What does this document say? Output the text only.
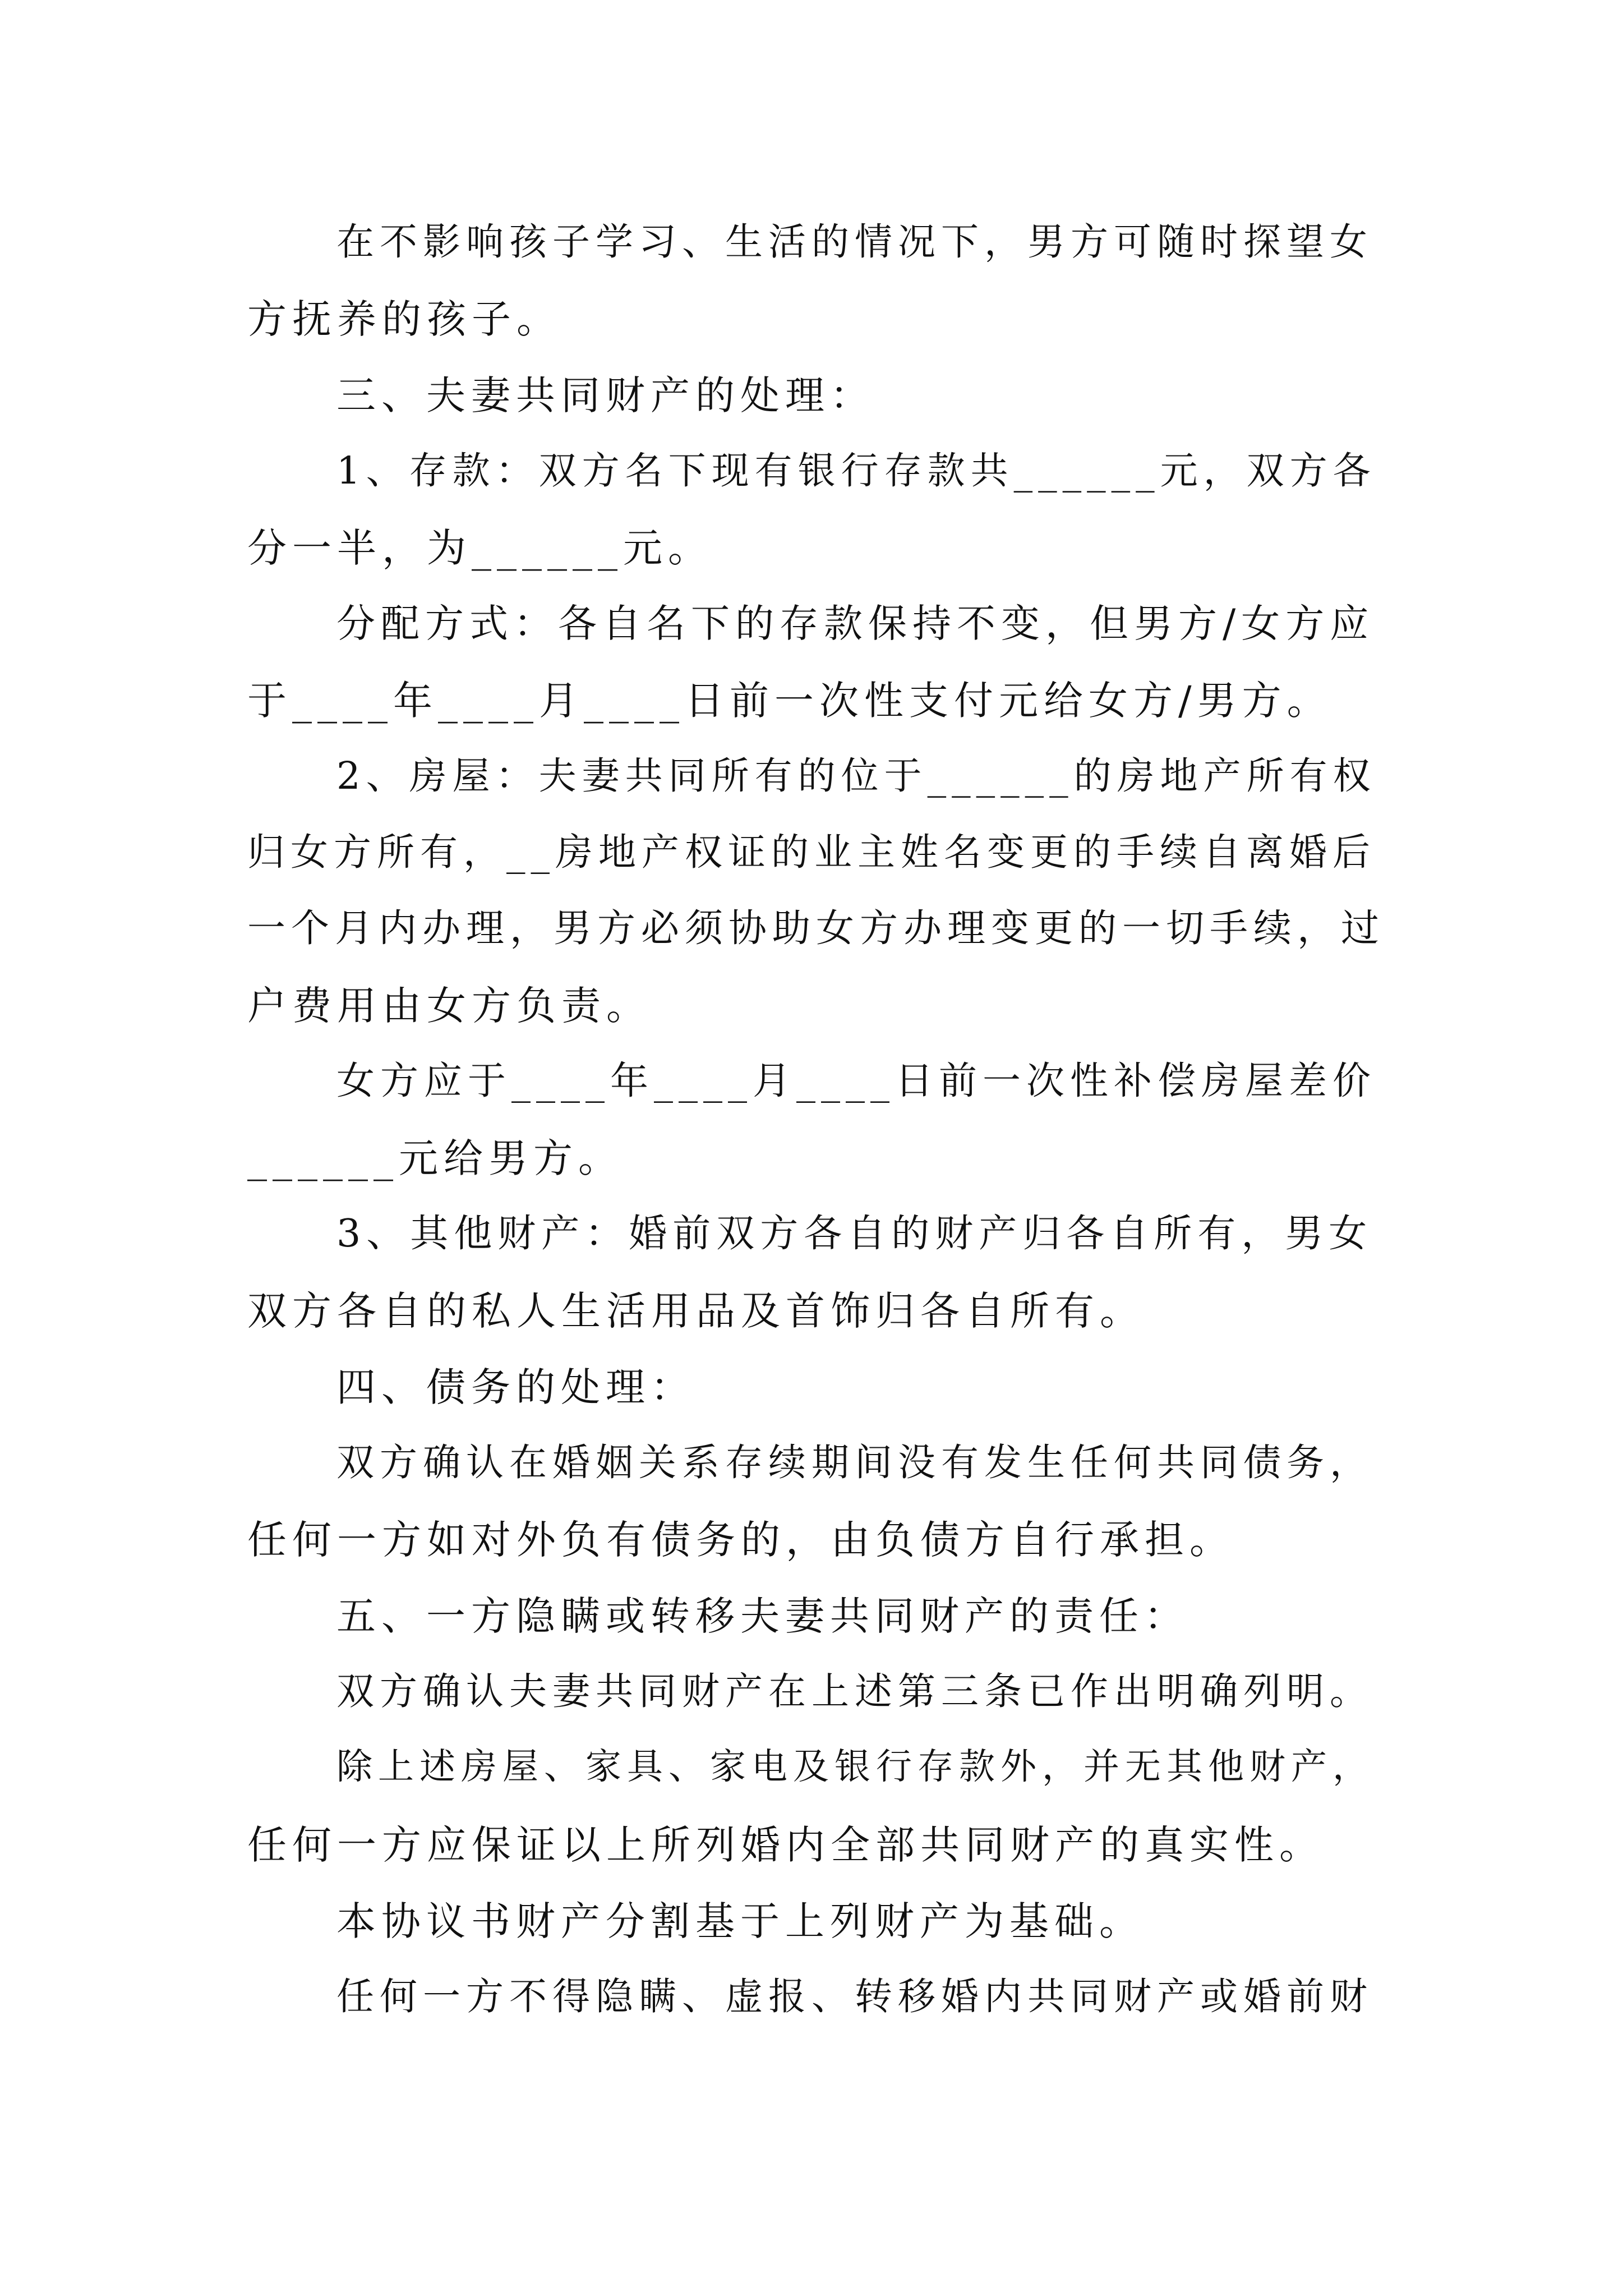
在不影响孩子学习、生活的情况下，男方可随时探望女
方抚养的孩子。
三、夫妻共同财产的处理：
1、存款：双方名下现有银行存款共______元，双方各
分一半，为______元。
分配方式：各自名下的存款保持不变，但男方/女方应
于____年____月____日前一次性支付元给女方/男方。
2、房屋：夫妻共同所有的位于______的房地产所有权
归女方所有，__房地产权证的业主姓名变更的手续自离婚后
一个月内办理，男方必须协助女方办理变更的一切手续，过
户费用由女方负责。
女方应于____年____月____日前一次性补偿房屋差价
______元给男方。
3、其他财产：婚前双方各自的财产归各自所有，男女
双方各自的私人生活用品及首饰归各自所有。
四、债务的处理：
双方确认在婚姻关系存续期间没有发生任何共同债务，
任何一方如对外负有债务的，由负债方自行承担。
五、一方隐瞒或转移夫妻共同财产的责任：
双方确认夫妻共同财产在上述第三条已作出明确列明。
除上述房屋、家具、家电及银行存款外，并无其他财产，
任何一方应保证以上所列婚内全部共同财产的真实性。
本协议书财产分割基于上列财产为基础。
任何一方不得隐瞒、虚报、转移婚内共同财产或婚前财
